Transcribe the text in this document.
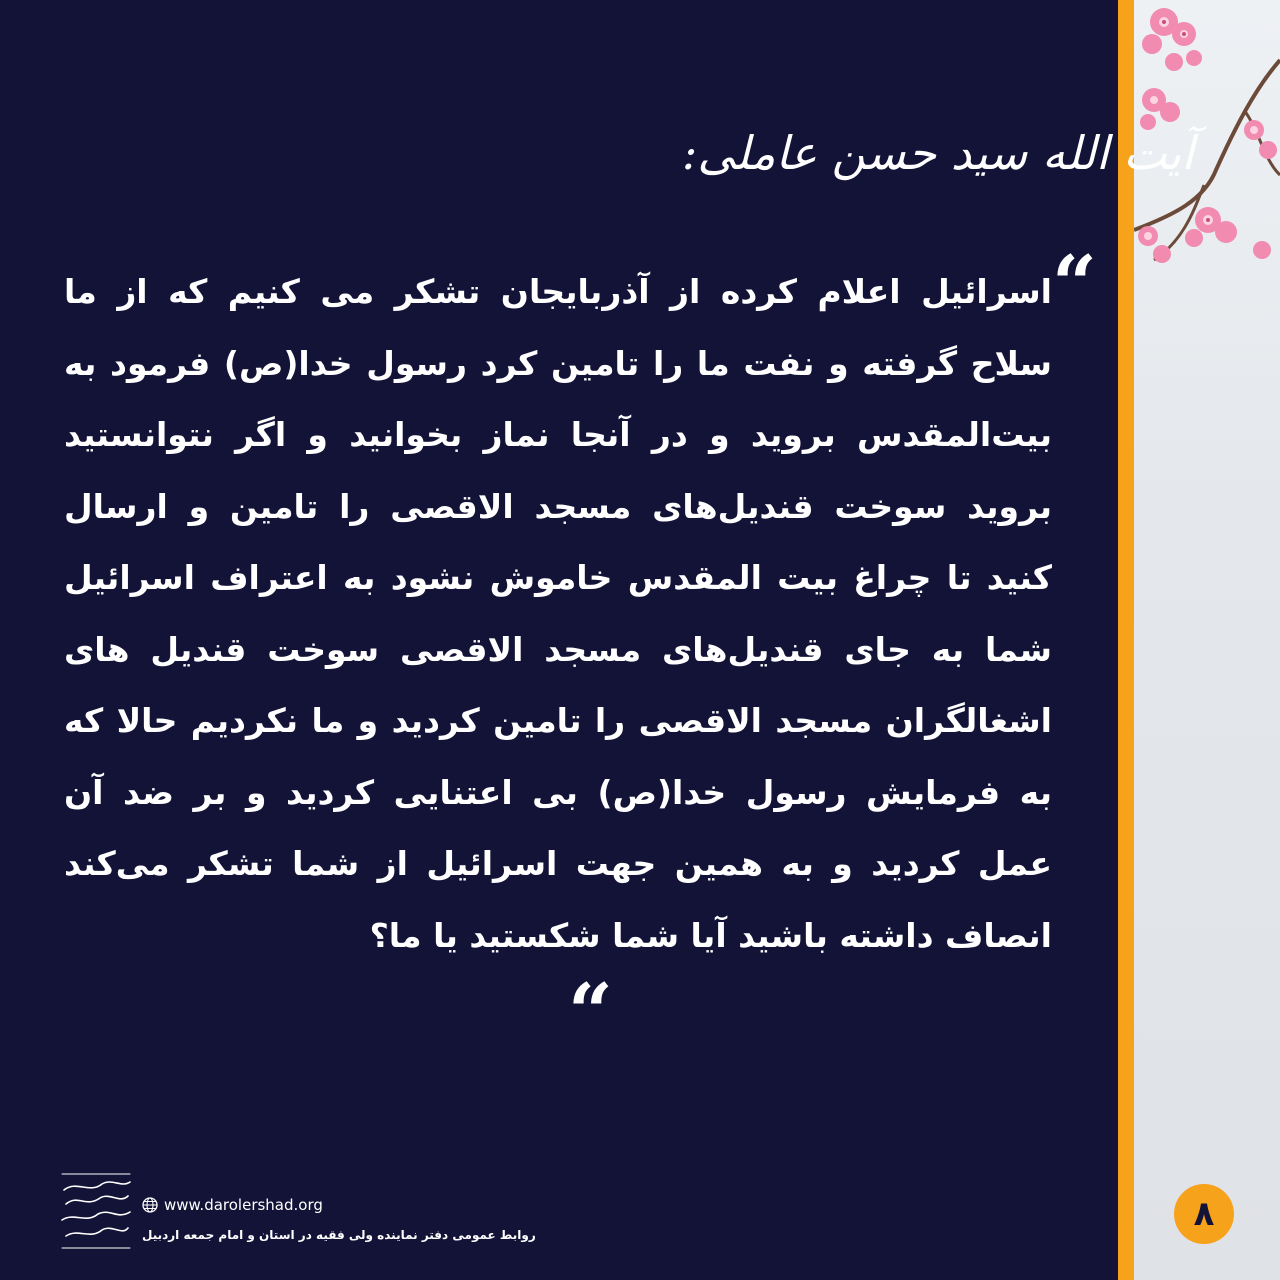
آیت الله سید حسن عاملی:
“
اسرائیل اعلام کرده از آذربایجان تشکر می کنیم که از ما سلاح گرفته و نفت ما را تامین کرد رسول خدا(ص) فرمود به بیت‌المقدس بروید و در آنجا نماز بخوانید و اگر نتوانستید بروید سوخت قندیل‌های مسجد الاقصی را تامین و ارسال کنید تا چراغ بیت المقدس خاموش نشود به اعتراف اسرائیل شما به جای قندیل‌های مسجد الاقصی سوخت قندیل های اشغالگران مسجد الاقصی را تامین کردید و ما نکردیم حالا که به فرمایش رسول خدا(ص) بی اعتنایی کردید و بر ضد آن عمل کردید و به همین جهت اسرائیل از شما تشکر می‌کند انصاف داشته باشید آیا شما شکستید یا ما؟
“
www.darolershad.org
روابط عمومی دفتر نماینده ولی فقیه در استان و امام جمعه اردبیل
۸
